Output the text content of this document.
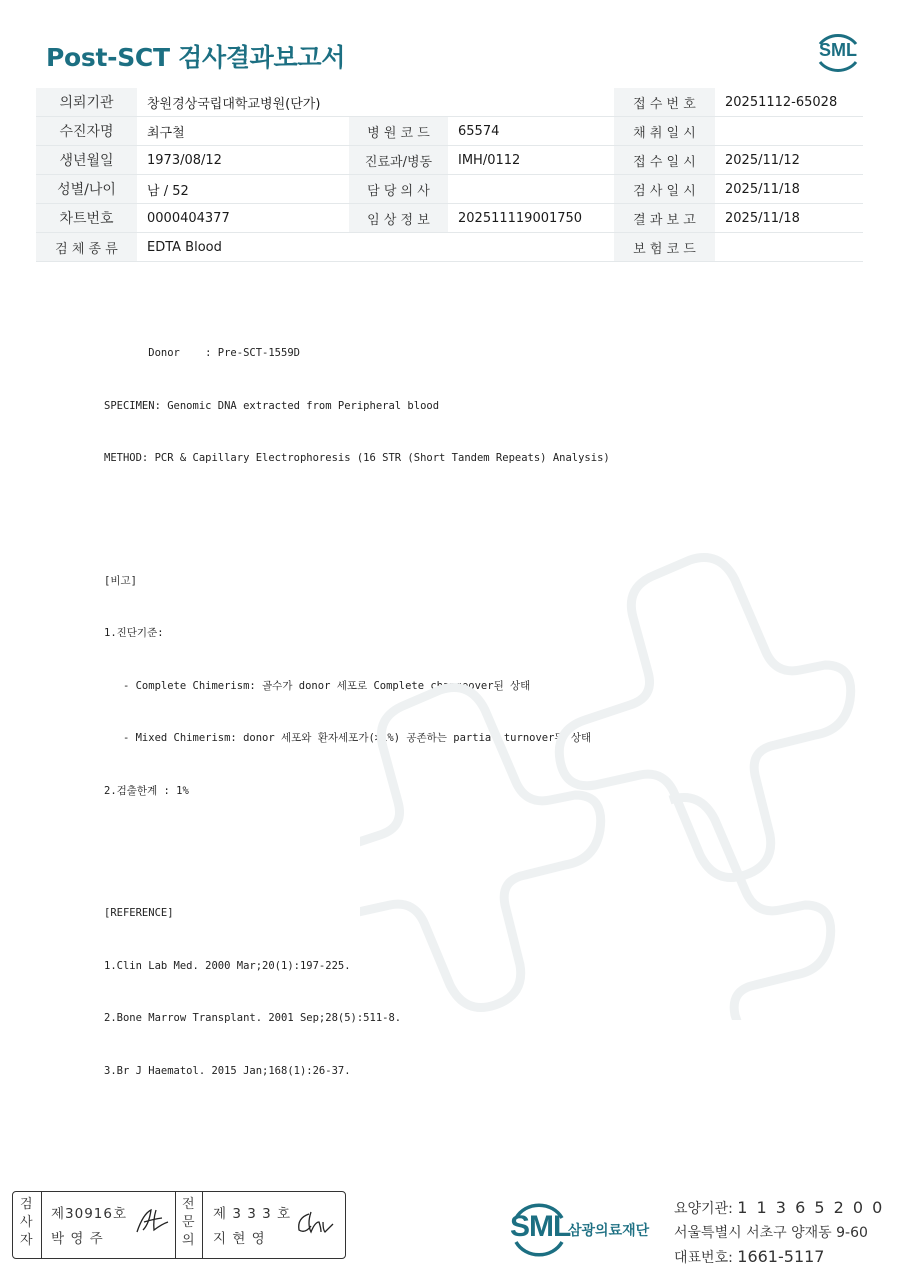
Post-SCT 검사결과보고서	SML
의뢰기관	창원경상국립대학교병원(단가)			접 수 번 호	20251112-65028
수진자명	최구철	병 원 코 드	65574	채 취 일 시	
생년월일	1973/08/12	진료과/병동	IMH/0112	접 수 일 시	2025/11/12
성별/나이	남 / 52	담 당 의 사		검 사 일 시	2025/11/18
차트번호	0000404377	임 상 정 보	202511119001750	결 과 보 고	2025/11/18
검 체 종 류	EDTA Blood			보 험 코 드	

Donor    : Pre-SCT-1559D

SPECIMEN: Genomic DNA extracted from Peripheral blood

METHOD: PCR & Capillary Electrophoresis (16 STR (Short Tandem Repeats) Analysis)

[비고]

1.진단기준:

- Complete Chimerism: 골수가 donor 세포로 Complete changeover된 상태

- Mixed Chimerism: donor 세포와 환자세포가(>1%) 공존하는 partial turnover된 상태

2.검출한계 : 1%

[REFERENCE]

1.Clin Lab Med. 2000 Mar;20(1):197-225.

2.Bone Marrow Transplant. 2001 Sep;28(5):511-8.

3.Br J Haematol. 2015 Jan;168(1):26-37.

검
사
자
제30916호
박 영 주
전
문
의
제 3 3 3 호
지 현 영	SML
삼광의료재단
요양기관: 1 1 3 6 5 2 0 0
서울특별시 서초구 양재동 9-60
대표번호: 1661-5117
